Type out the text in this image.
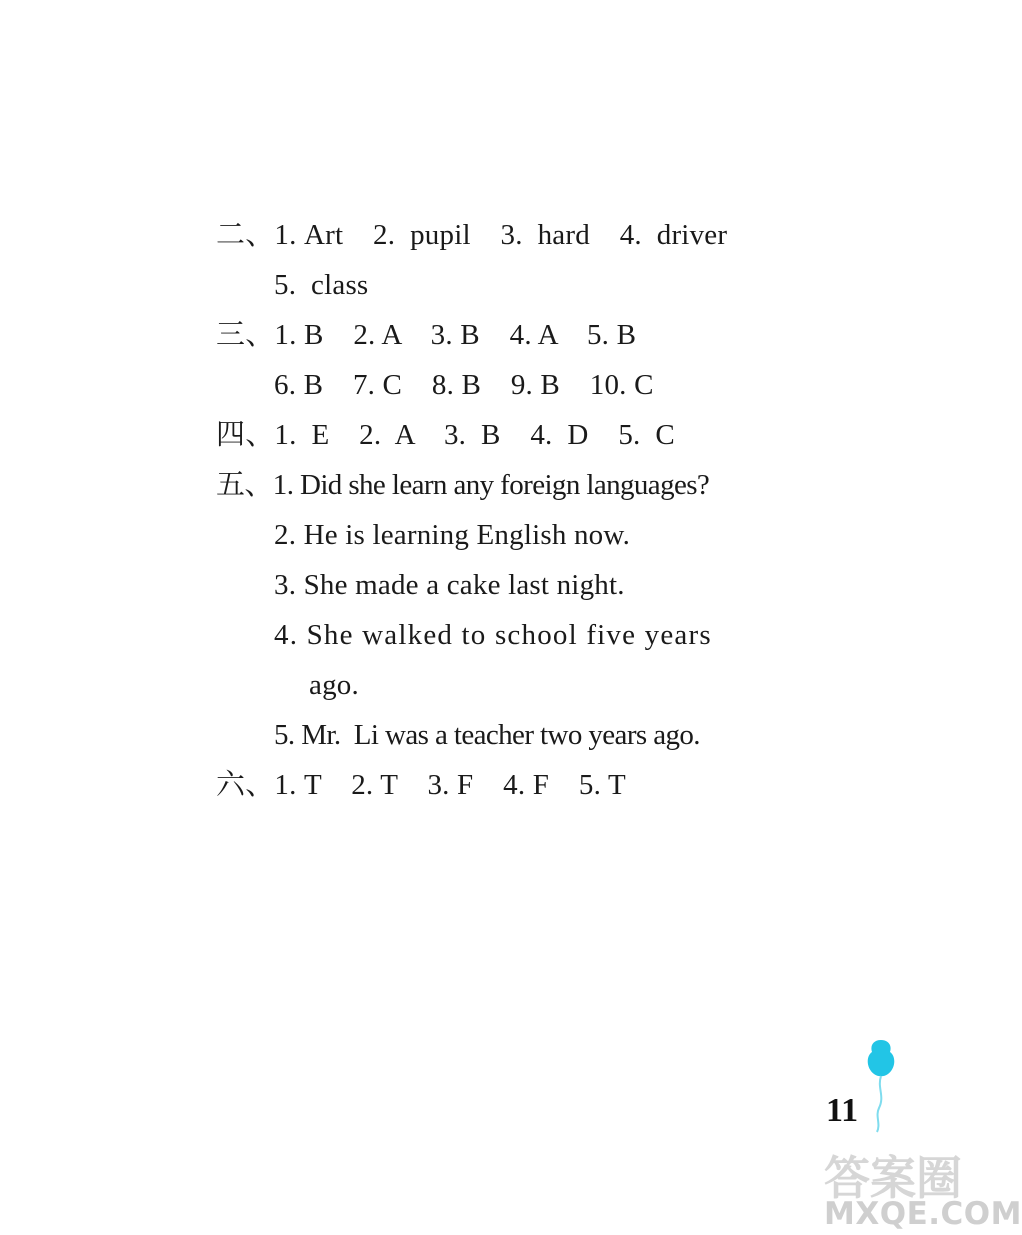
二、1. Art    2.  pupil    3.  hard    4.  driver
5.  class
三、1. B    2. A    3. B    4. A    5. B
6. B    7. C    8. B    9. B    10. C
四、1.  E    2.  A    3.  B    4.  D    5.  C
五、1. Did she learn any foreign languages?
2. He is learning English now.
3. She made a cake last night.
4. She walked to school five years
ago.
5. Mr.  Li was a teacher two years ago.
六、1. T    2. T    3. F    4. F    5. T
11
答案圈
MXQE.COM
